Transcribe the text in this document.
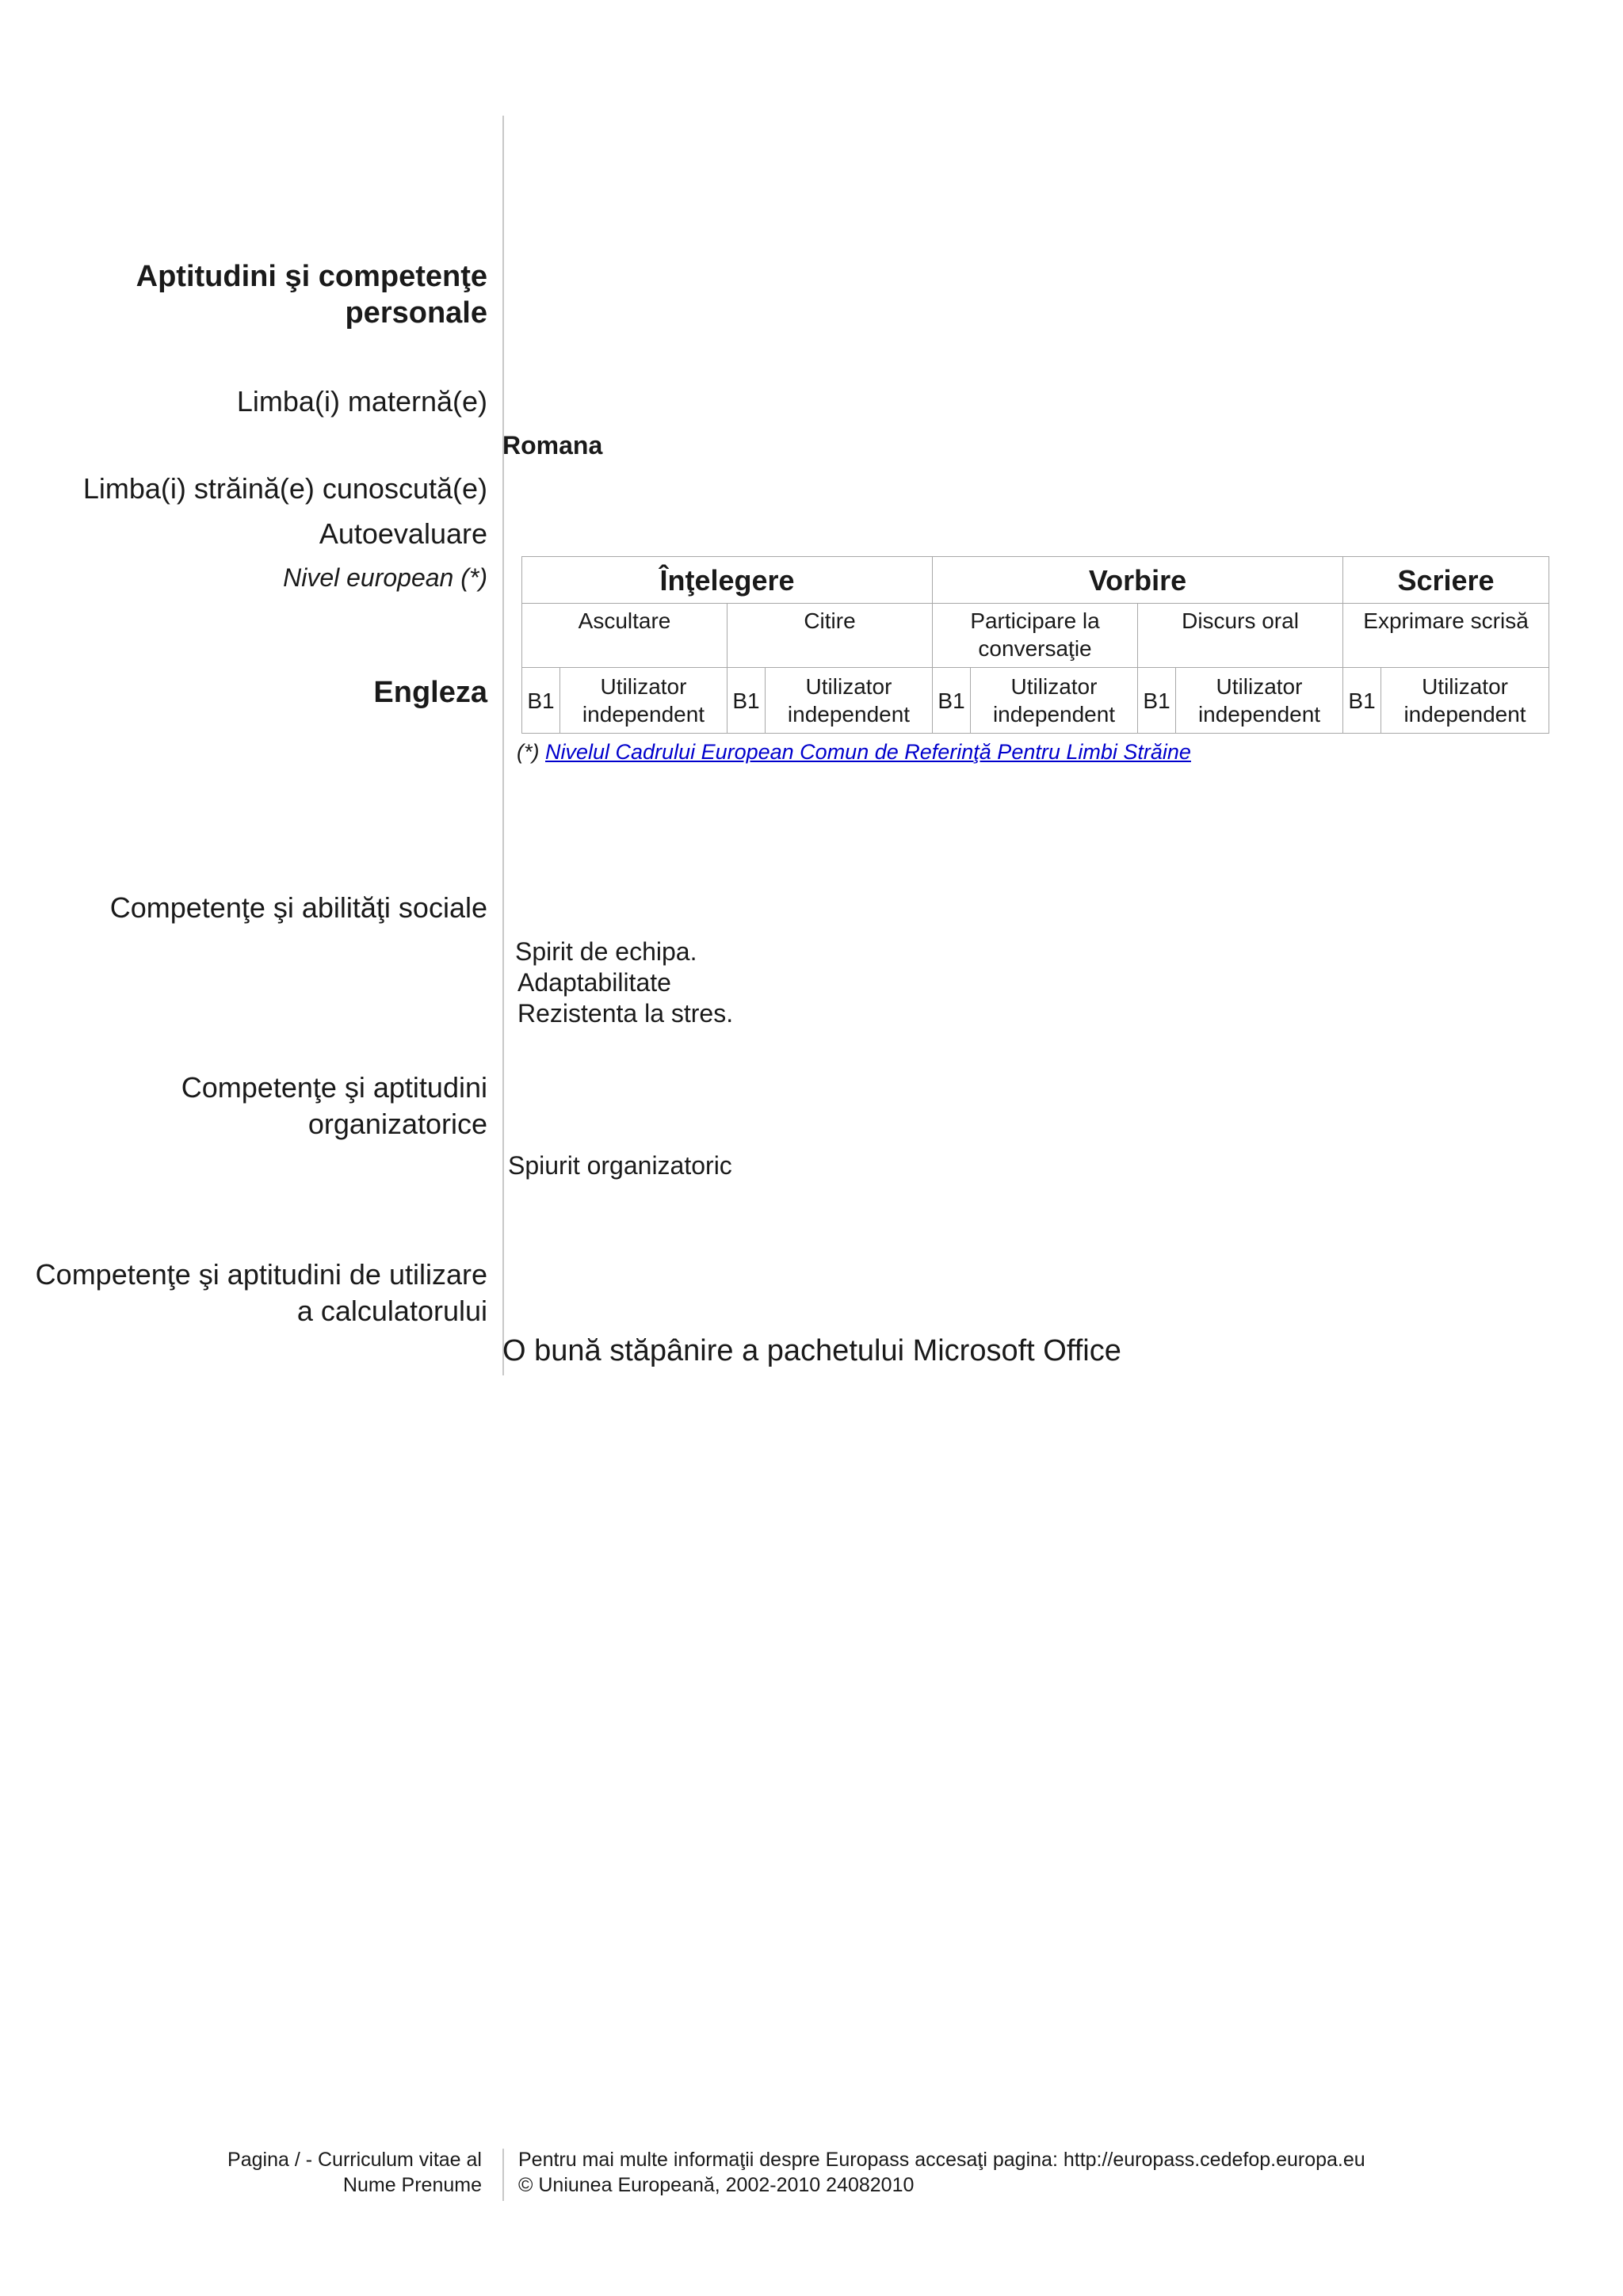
Aptitudini şi competenţe
personale
Limba(i) maternă(e)
Romana
Limba(i) străină(e) cunoscută(e)
Autoevaluare
Nivel european (*)
Engleza
Înţelegere				Vorbire				Scriere	
Ascultare		Citire		Participare la conversaţie		Discurs oral		Exprimare scrisă	
B1	Utilizator independent	B1	Utilizator independent	B1	Utilizator independent	B1	Utilizator independent	B1	Utilizator independent
(*) Nivelul Cadrului European Comun de Referinţă Pentru Limbi Străine
Competenţe şi abilităţi sociale
Spirit de echipa.
Adaptabilitate
Rezistenta la stres.
Competenţe şi aptitudini
organizatorice
Spiurit organizatoric
Competenţe şi aptitudini de utilizare
a calculatorului
O bună stăpânire a pachetului Microsoft Office
Pagina / - Curriculum vitae al
Nume Prenume
Pentru mai multe informaţii despre Europass accesaţi pagina: http://europass.cedefop.europa.eu
© Uniunea Europeană, 2002-2010 24082010
